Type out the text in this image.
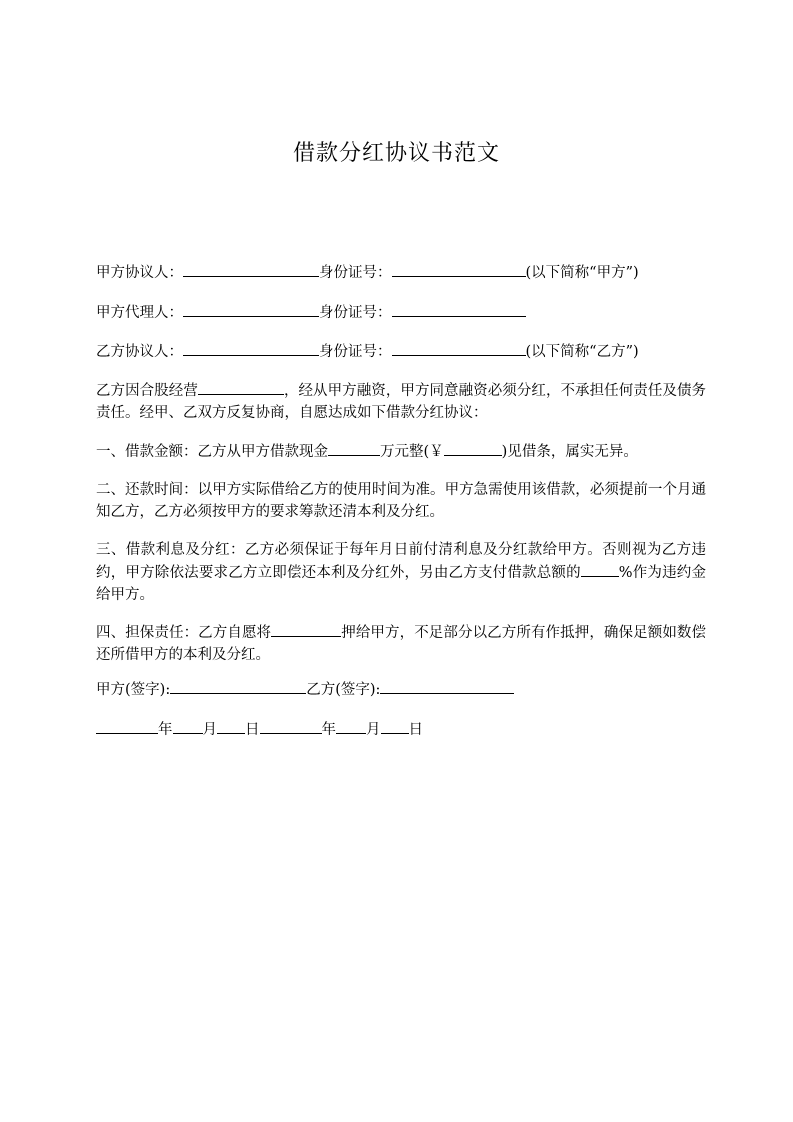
借款分红协议书范文
甲方协议人：	身份证号：	(以下简称“甲方”)
甲方代理人：	身份证号：
乙方协议人：	身份证号：	(以下简称“乙方”)
乙方因合股经营	，经从甲方融资，甲方同意融资必须分红，不承担任何责任及债务责任。经甲、乙双方反复协商，自愿达成如下借款分红协议：
一、借款金额：乙方从甲方借款现金	万元整(￥	)见借条，属实无异。
二、还款时间：以甲方实际借给乙方的使用时间为准。甲方急需使用该借款，必须提前一个月通知乙方，乙方必须按甲方的要求筹款还清本利及分红。
三、借款利息及分红：乙方必须保证于每年月日前付清利息及分红款给甲方。否则视为乙方违约，甲方除依法要求乙方立即偿还本利及分红外，另由乙方支付借款总额的	%作为违约金给甲方。
四、担保责任：乙方自愿将	押给甲方，不足部分以乙方所有作抵押，确保足额如数偿还所借甲方的本利及分红。
甲方(签字):	乙方(签字):
年 月 日	年 月 日
